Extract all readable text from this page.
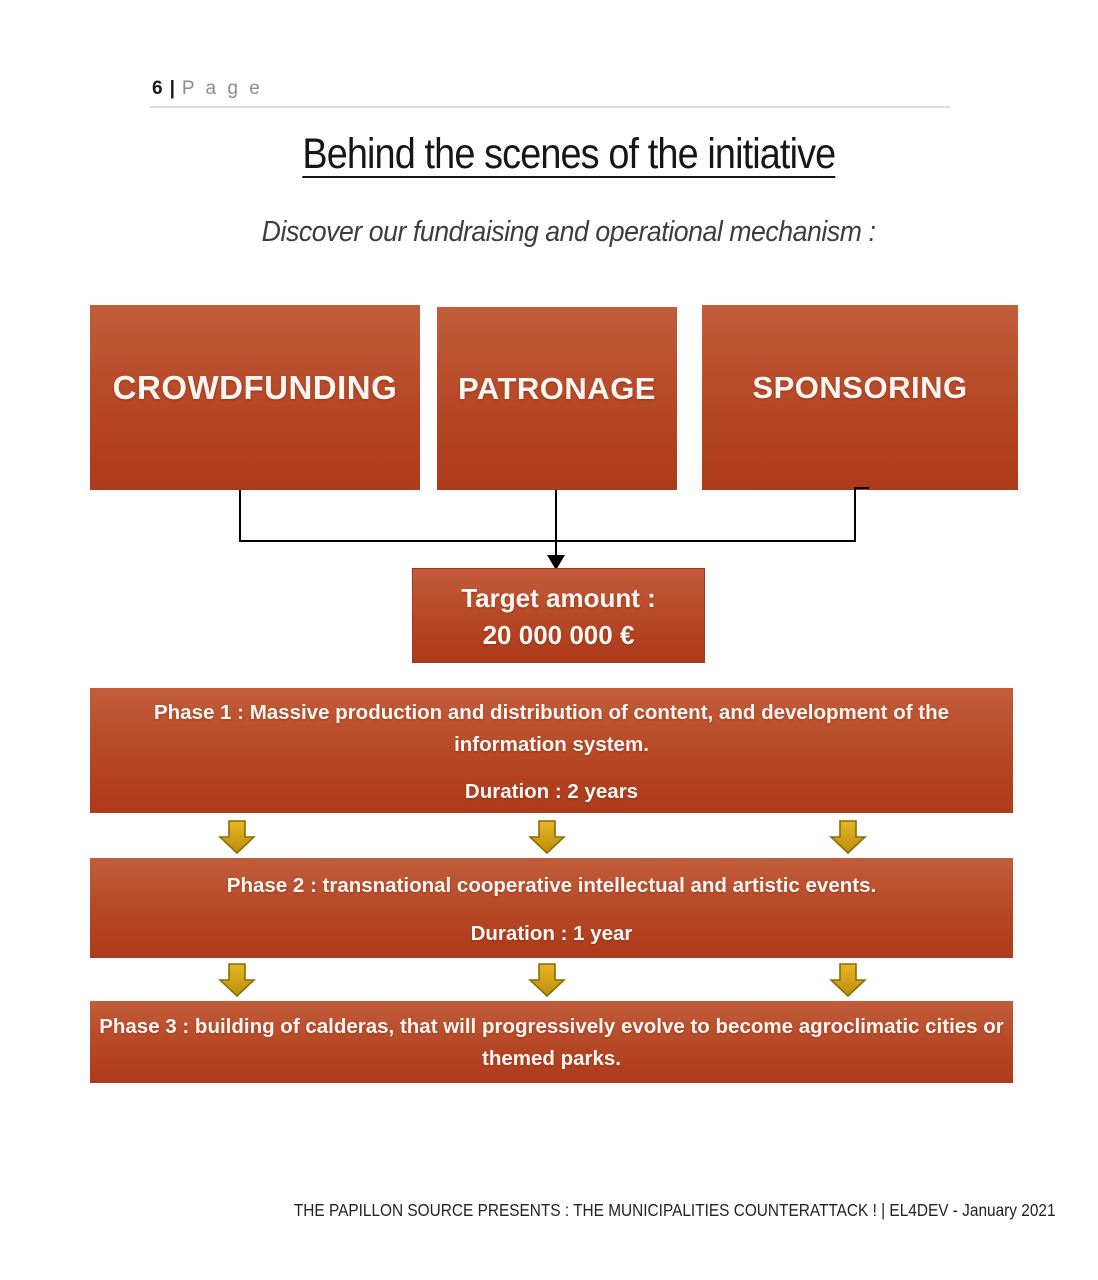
6 | P a g e
Behind the scenes of the initiative
Discover our fundraising and operational mechanism :
CROWDFUNDING	PATRONAGE	SPONSORING

Target amount :

20 000 000 €

Phase 1 : Massive production and distribution of content, and development of the information system.

Duration : 2 years

Phase 2 : transnational cooperative intellectual and artistic events.

Duration : 1 year

Phase 3 : building of calderas, that will progressively evolve to become agroclimatic cities or themed parks.

THE PAPILLON SOURCE PRESENTS : THE MUNICIPALITIES COUNTERATTACK ! | EL4DEV - January 2021
